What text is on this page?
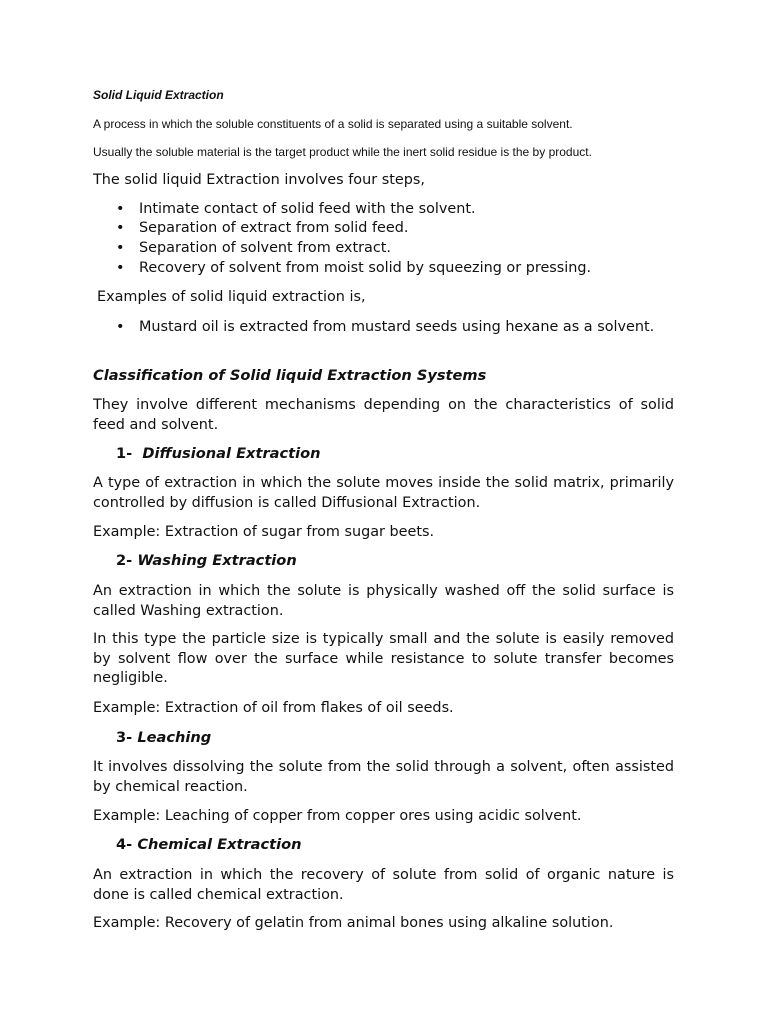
Solid Liquid Extraction
A process in which the soluble constituents of a solid is separated using a suitable solvent.
Usually the soluble material is the target product while the inert solid residue is the by product.
The solid liquid Extraction involves four steps,
• Intimate contact of solid feed with the solvent.
• Separation of extract from solid feed.
• Separation of solvent from extract.
• Recovery of solvent from moist solid by squeezing or pressing.
Examples of solid liquid extraction is,
• Mustard oil is extracted from mustard seeds using hexane as a solvent.
Classification of Solid liquid Extraction Systems
They involve different mechanisms depending on the characteristics of solid feed and solvent.
1- Diffusional Extraction
A type of extraction in which the solute moves inside the solid matrix, primarily controlled by diffusion is called Diffusional Extraction.
Example: Extraction of sugar from sugar beets.
2- Washing Extraction
An extraction in which the solute is physically washed off the solid surface is called Washing extraction.
In this type the particle size is typically small and the solute is easily removed by solvent flow over the surface while resistance to solute transfer becomes negligible.
Example: Extraction of oil from flakes of oil seeds.
3- Leaching
It involves dissolving the solute from the solid through a solvent, often assisted by chemical reaction.
Example: Leaching of copper from copper ores using acidic solvent.
4- Chemical Extraction
An extraction in which the recovery of solute from solid of organic nature is done is called chemical extraction.
Example: Recovery of gelatin from animal bones using alkaline solution.
